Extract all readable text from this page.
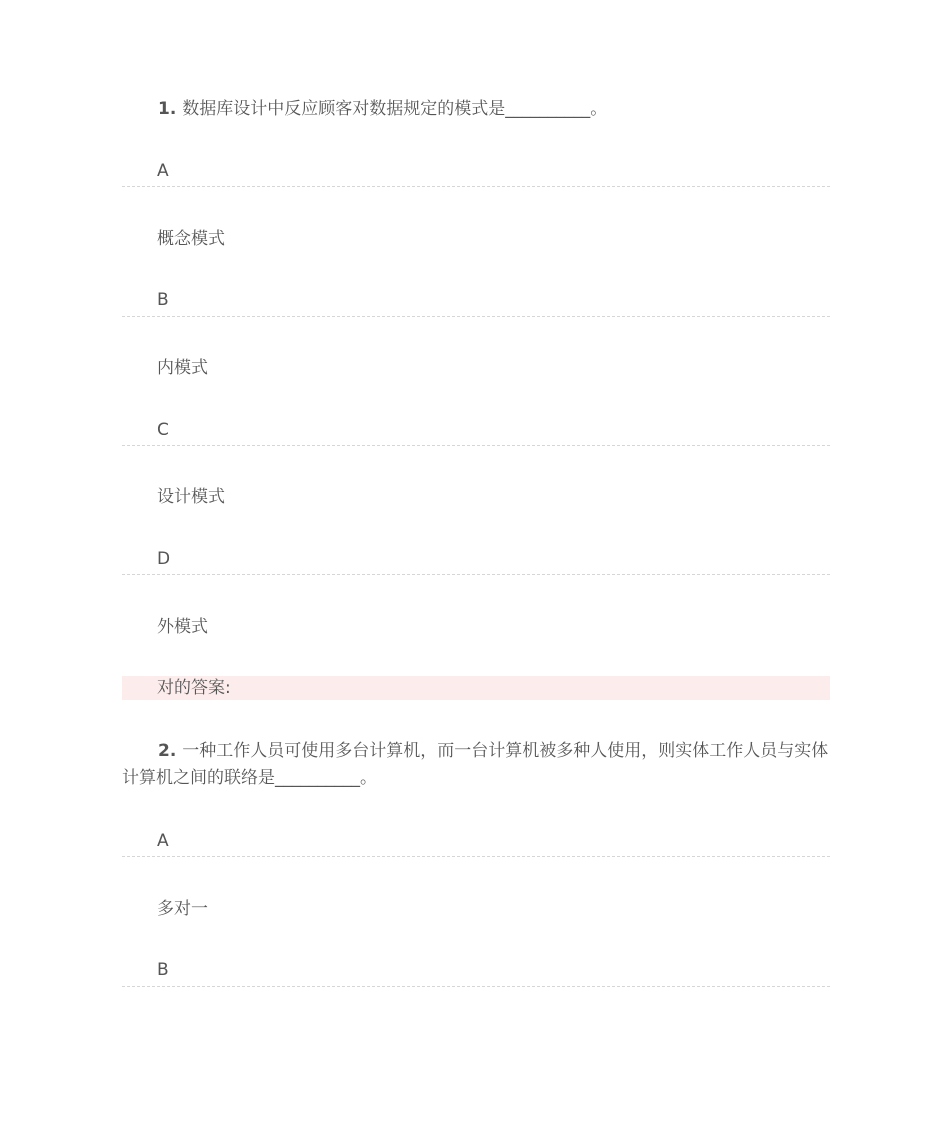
1. 数据库设计中反应顾客对数据规定的模式是__________。
A
概念模式
B
内模式
C
设计模式
D
外模式
对的答案:
2. 一种工作人员可使用多台计算机，而一台计算机被多种人使用，则实体工作人员与实体计算机之间的联络是__________。
A
多对一
B
